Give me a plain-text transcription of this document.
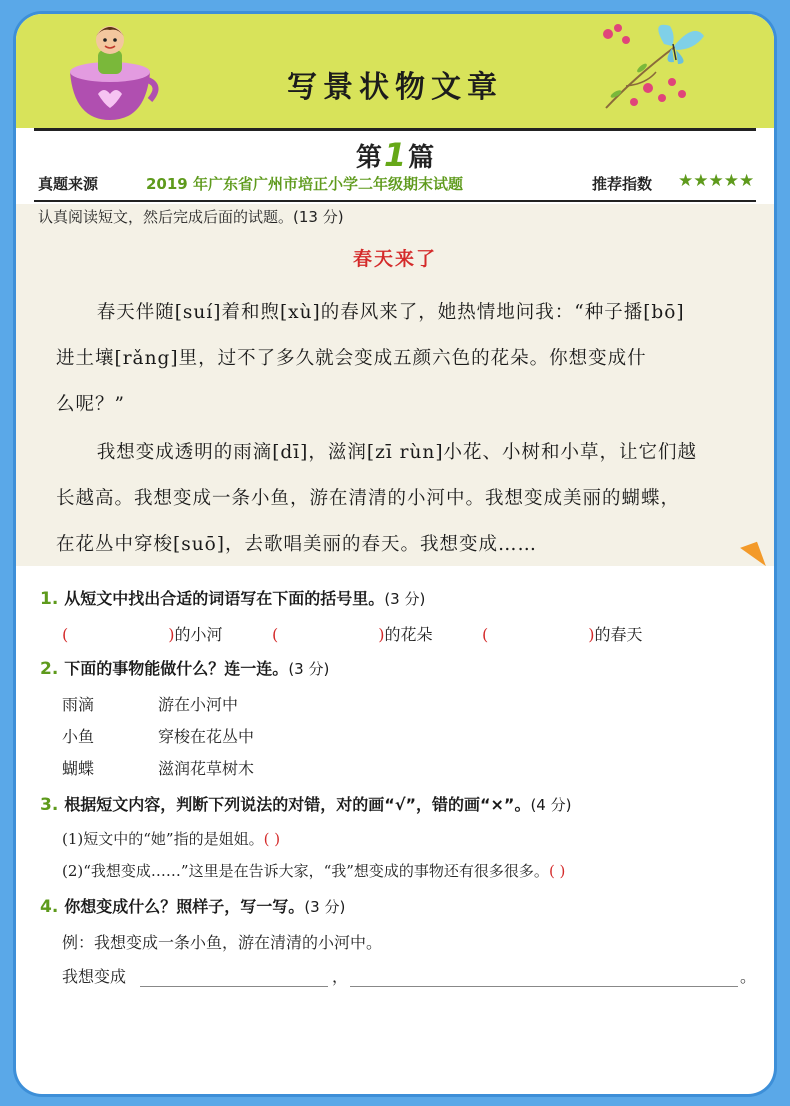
写景状物文章
第1篇
真题来源	2019 年广东省广州市培正小学二年级期末试题	推荐指数 ★★★★★
认真阅读短文，然后完成后面的试题。(13 分)
春天来了
春天伴随[suí]着和煦[xù]的春风来了，她热情地问我：“种子播[bō]
进土壤[rǎng]里，过不了多久就会变成五颜六色的花朵。你想变成什
么呢？”
我想变成透明的雨滴[dī]，滋润[zī rùn]小花、小树和小草，让它们越
长越高。我想变成一条小鱼，游在清清的小河中。我想变成美丽的蝴蝶，
在花丛中穿梭[suō]，去歌唱美丽的春天。我想变成……
1. 从短文中找出合适的词语写在下面的括号里。(3 分)
(	)的小河	(	)的花朵	(	)的春天
2. 下面的事物能做什么？连一连。(3 分)
雨滴	游在小河中
小鱼	穿梭在花丛中
蝴蝶	滋润花草树木
3. 根据短文内容，判断下列说法的对错，对的画“√”，错的画“×”。(4 分)
(1)短文中的“她”指的是姐姐。( )
(2)“我想变成……”这里是在告诉大家，“我”想变成的事物还有很多很多。( )
4. 你想变成什么？照样子，写一写。(3 分)
例：我想变成一条小鱼，游在清清的小河中。
我想变成	，	。
